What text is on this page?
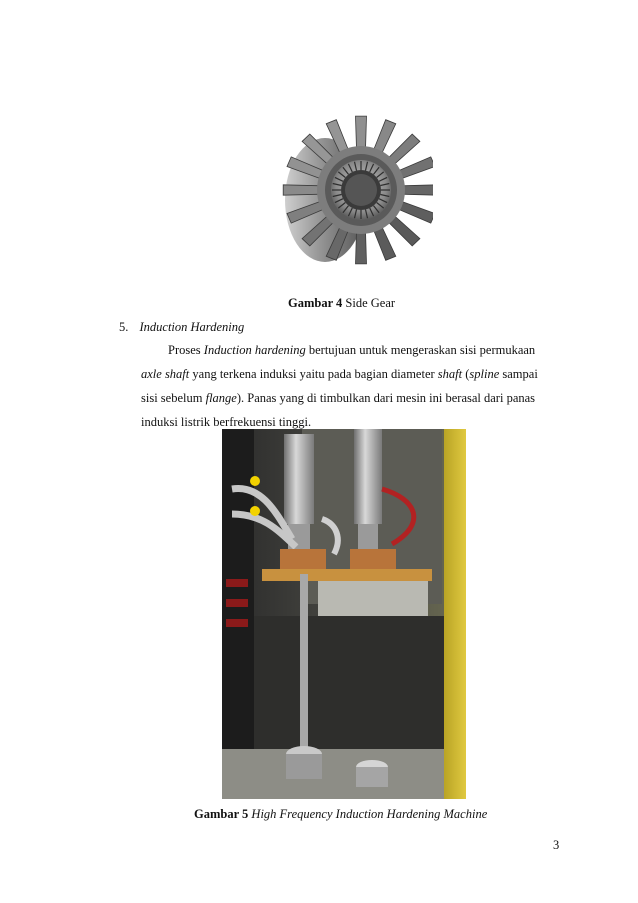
Gambar 4 Side Gear
5. Induction Hardening
Proses Induction hardening bertujuan untuk mengeraskan sisi permukaan
axle shaft yang terkena induksi yaitu pada bagian diameter shaft (spline sampai
sisi sebelum flange). Panas yang di timbulkan dari mesin ini berasal dari panas
induksi listrik berfrekuensi tinggi.
Gambar 5 High Frequency Induction Hardening Machine
3
